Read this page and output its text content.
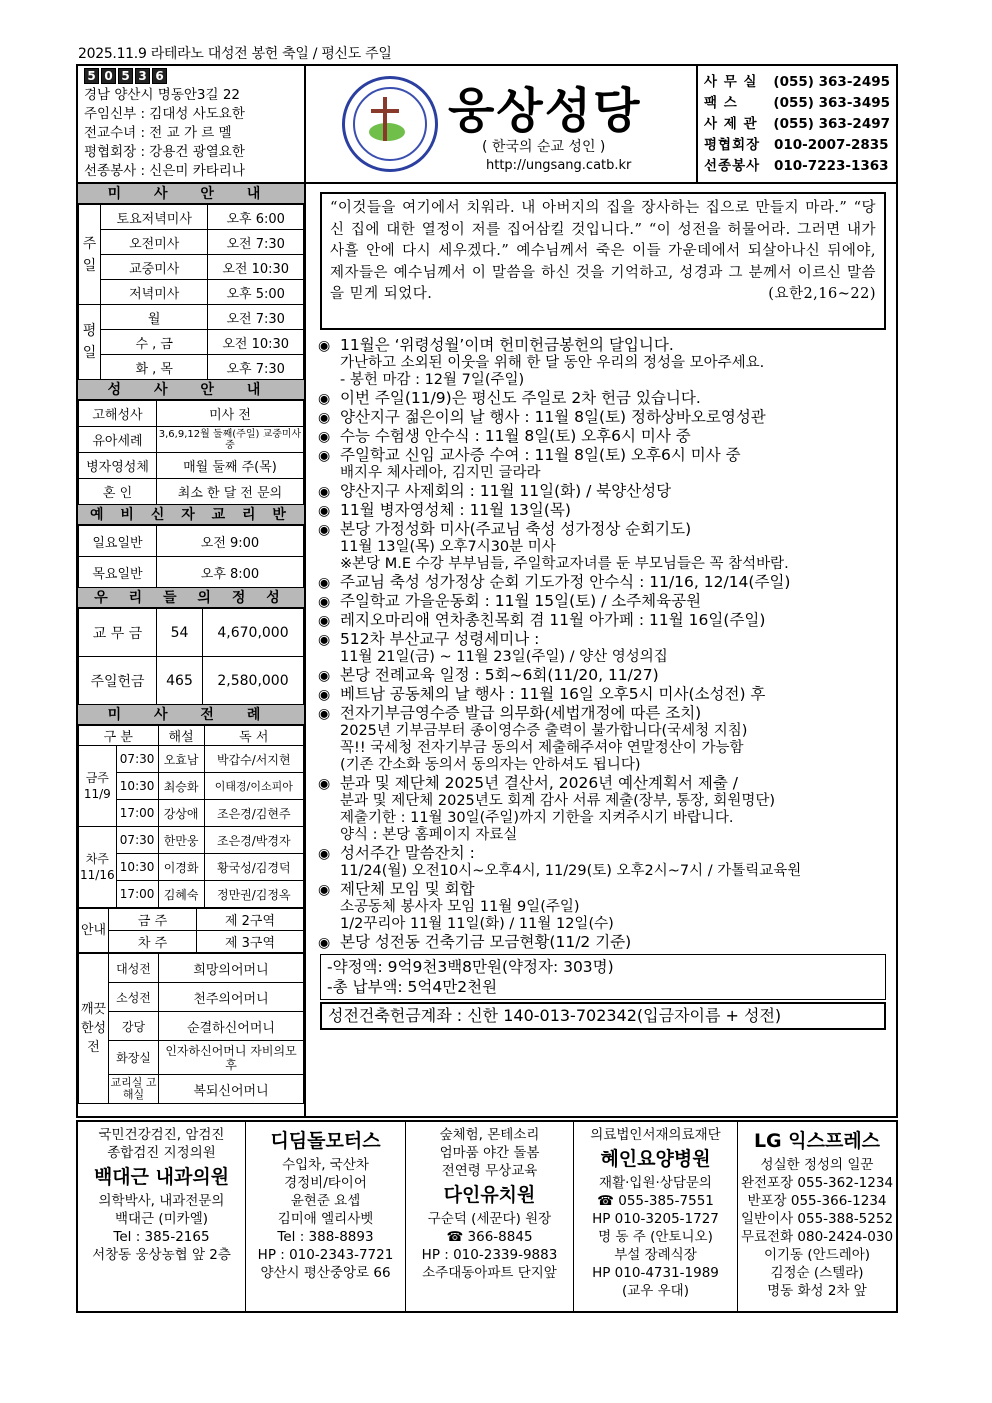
2025.11.9 라테라노 대성전 봉헌 축일 / 평신도 주일
5 0 5 3 6
경남 양산시 명동안3길 22
주임신부 : 김대성 사도요한
전교수녀 : 전 교 가 르 멜
평협회장 : 강용건 광열요한
선종봉사 : 신은미 카타리나
웅상성당
( 한국의 순교 성인 )
http://ungsang.catb.kr
사 무 실	(055) 363-2495
팩 스	(055) 363-3495
사 제 관	(055) 363-2497
평협회장	010-2007-2835
선종봉사	010-7223-1363
미 사 안 내
주일	토요저녁미사	오후 6:00
	오전미사	오전 7:30
	교중미사	오전 10:30
	저녁미사	오후 5:00
평일	월	오전 7:30
	수 , 금	오전 10:30
	화 , 목	오후 7:30
성 사 안 내
고해성사	미사 전
유아세례	3,6,9,12월 둘째(주일) 교중미사 중
병자영성체	매월 둘째 주(목)
혼 인	최소 한 달 전 문의
예 비 신 자 교 리 반
일요일반	오전 9:00
목요일반	오후 8:00
우 리 들 의 정 성
교 무 금	54	4,670,000
주일헌금	465	2,580,000
미 사 전 례
구 분		해설	독 서
금주 11/9	07:30	오효남	박갑수/서지현
	10:30	최승화	이태경/이소피아
	17:00	강상애	조은경/김현주
차주 11/16	07:30	한만웅	조은경/박경자
	10:30	이경화	황국성/김경덕
	17:00	김혜숙	정만권/김정옥
안내	금 주	제 2구역
	차 주	제 3구역
깨끗한성전	대성전	희망의어머니
	소성전	천주의어머니
	강당	순결하신어머니
	화장실	인자하신어머니 자비의모후
	교리실 고해실	복되신어머니
“이것들을 여기에서 치워라. 내 아버지의 집을 장사하는 집으로 만들지 마라.” “당신 집에 대한 열정이 저를 집어삼킬 것입니다.” “이 성전을 허물어라. 그러면 내가 사흘 안에 다시 세우겠다.” 예수님께서 죽은 이들 가운데에서 되살아나신 뒤에야, 제자들은 예수님께서 이 말씀을 하신 것을 기억하고, 성경과 그 분께서 이르신 말씀을 믿게 되었다.	(요한2,16~22)
◉ 11월은 ‘위령성월’이며 헌미헌금봉헌의 달입니다.
가난하고 소외된 이웃을 위해 한 달 동안 우리의 정성을 모아주세요.
- 봉헌 마감 : 12월 7일(주일)
◉ 이번 주일(11/9)은 평신도 주일로 2차 헌금 있습니다.
◉ 양산지구 젊은이의 날 행사 : 11월 8일(토) 정하상바오로영성관
◉ 수능 수험생 안수식 : 11월 8일(토) 오후6시 미사 중
◉ 주일학교 신임 교사증 수여 : 11월 8일(토) 오후6시 미사 중
배지우 체사레아, 김지민 글라라
◉ 양산지구 사제회의 : 11월 11일(화) / 북양산성당
◉ 11월 병자영성체 : 11월 13일(목)
◉ 본당 가정성화 미사(주교님 축성 성가정상 순회기도)
11월 13일(목) 오후7시30분 미사
※본당 M.E 수강 부부님들, 주일학교자녀를 둔 부모님들은 꼭 참석바람.
◉ 주교님 축성 성가정상 순회 기도가정 안수식 : 11/16, 12/14(주일)
◉ 주일학교 가을운동회 : 11월 15일(토) / 소주체육공원
◉ 레지오마리애 연차총친목회 겸 11월 아가페 : 11월 16일(주일)
◉ 512차 부산교구 성령세미나 :
11월 21일(금) ~ 11월 23일(주일) / 양산 영성의집
◉ 본당 전례교육 일정 : 5회~6회(11/20, 11/27)
◉ 베트남 공동체의 날 행사 : 11월 16일 오후5시 미사(소성전) 후
◉ 전자기부금영수증 발급 의무화(세법개정에 따른 조치)
2025년 기부금부터 종이영수증 출력이 불가합니다(국세청 지침)
꼭!! 국세청 전자기부금 동의서 제출해주셔야 연말정산이 가능함
(기존 간소화 동의서 동의자는 안하셔도 됩니다)
◉ 분과 및 제단체 2025년 결산서, 2026년 예산계획서 제출 /
분과 및 제단체 2025년도 회계 감사 서류 제출(장부, 통장, 회원명단)
제출기한 : 11월 30일(주일)까지 기한을 지켜주시기 바랍니다.
양식 : 본당 홈페이지 자료실
◉ 성서주간 말씀잔치 :
11/24(월) 오전10시~오후4시, 11/29(토) 오후2시~7시 / 가톨릭교육원
◉ 제단체 모임 및 회합
소공동체 봉사자 모임 11월 9일(주일)
1/2꾸리아 11월 11일(화) / 11월 12일(수)
◉ 본당 성전동 건축기금 모금현황(11/2 기준)
-약정액: 9억9천3백8만원(약정자: 303명)
-총 납부액: 5억4만2천원
성전건축헌금계좌 : 신한 140-013-702342(입금자이름 + 성전)
국민건강검진, 암검진
종합검진 지정의원
백대근 내과의원
의학박사, 내과전문의
백대근 (미카엘)
Tel : 385-2165
서창동 웅상농협 앞 2층
디딤돌모터스
수입차, 국산차
경정비/타이어
윤현준 요셉
김미애 엘리사벳
Tel : 388-8893
HP : 010-2343-7721
양산시 평산중앙로 66
숲체험, 몬테소리
엄마품 야간 돌봄
전연령 무상교육
다인유치원
구순덕 (세꾼다) 원장
☎ 366-8845
HP : 010-2339-9883
소주대동아파트 단지앞
의료법인서재의료재단
혜인요양병원
재활·입원·상담문의
☎ 055-385-7551
HP 010-3205-1727
명 동 주 (안토니오)
부설 장례식장
HP 010-4731-1989
(교우 우대)
LG 익스프레스
성실한 정성의 일꾼
완전포장 055-362-1234
반포장 055-366-1234
일반이사 055-388-5252
무료전화 080-2424-030
이기동 (안드레아)
김정순 (스텔라)
명동 화성 2차 앞
